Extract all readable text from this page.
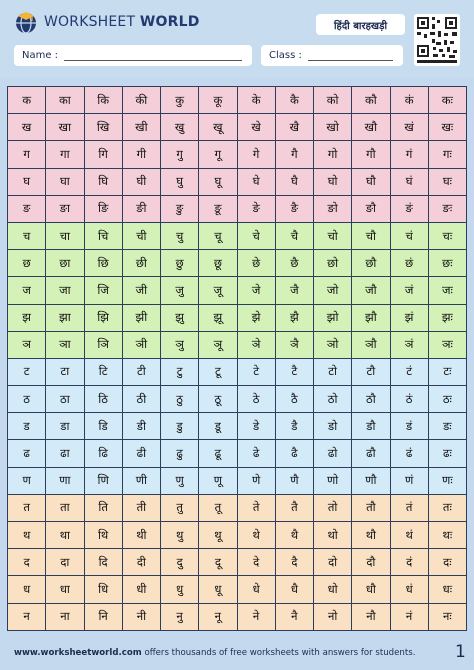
WORKSHEET WORLD	हिंदी बारहखड़ी
Name :	Class :
क	का	कि	की	कु	कू	के	कै	को	कौ	कं	कः
ख	खा	खि	खी	खु	खू	खे	खै	खो	खौ	खं	खः
ग	गा	गि	गी	गु	गू	गे	गै	गो	गौ	गं	गः
घ	घा	घि	घी	घु	घू	घे	घै	घो	घौ	घं	घः
ङ	ङा	ङि	ङी	ङु	ङू	ङे	ङै	ङो	ङौ	ङं	ङः
च	चा	चि	ची	चु	चू	चे	चै	चो	चौ	चं	चः
छ	छा	छि	छी	छु	छू	छे	छै	छो	छौ	छं	छः
ज	जा	जि	जी	जु	जू	जे	जै	जो	जौ	जं	जः
झ	झा	झि	झी	झु	झू	झे	झै	झो	झौ	झं	झः
ञ	ञा	ञि	ञी	ञु	ञू	ञे	ञै	ञो	ञौ	ञं	ञः
ट	टा	टि	टी	टु	टू	टे	टै	टो	टौ	टं	टः
ठ	ठा	ठि	ठी	ठु	ठू	ठे	ठै	ठो	ठौ	ठं	ठः
ड	डा	डि	डी	डु	डू	डे	डै	डो	डौ	डं	डः
ढ	ढा	ढि	ढी	ढु	ढू	ढे	ढै	ढो	ढौ	ढं	ढः
ण	णा	णि	णी	णु	णू	णे	णै	णो	णौ	णं	णः
त	ता	ति	ती	तु	तू	ते	तै	तो	तौ	तं	तः
थ	था	थि	थी	थु	थू	थे	थै	थो	थौ	थं	थः
द	दा	दि	दी	दु	दू	दे	दै	दो	दौ	दं	दः
ध	धा	धि	धी	धु	धू	धे	धै	धो	धौ	धं	धः
न	ना	नि	नी	नु	नू	ने	नै	नो	नौ	नं	नः
www.worksheetworld.com offers thousands of free worksheets with answers for students. 1
